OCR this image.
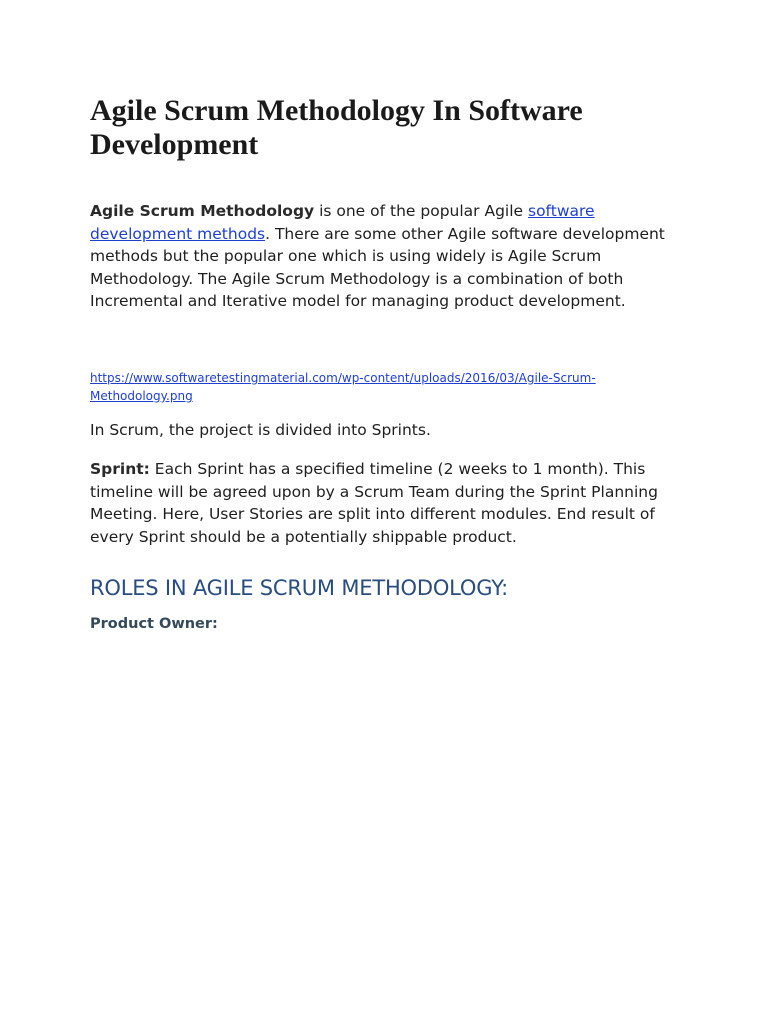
Agile Scrum Methodology In Software Development

Agile Scrum Methodology is one of the popular Agile software development methods. There are some other Agile software development methods but the popular one which is using widely is Agile Scrum Methodology. The Agile Scrum Methodology is a combination of both Incremental and Iterative model for managing product development.

https://www.softwaretestingmaterial.com/wp-content/uploads/2016/03/Agile-Scrum-Methodology.png

In Scrum, the project is divided into Sprints.

Sprint: Each Sprint has a specified timeline (2 weeks to 1 month). This timeline will be agreed upon by a Scrum Team during the Sprint Planning Meeting. Here, User Stories are split into different modules. End result of every Sprint should be a potentially shippable product.

ROLES IN AGILE SCRUM METHODOLOGY:
Product Owner:
